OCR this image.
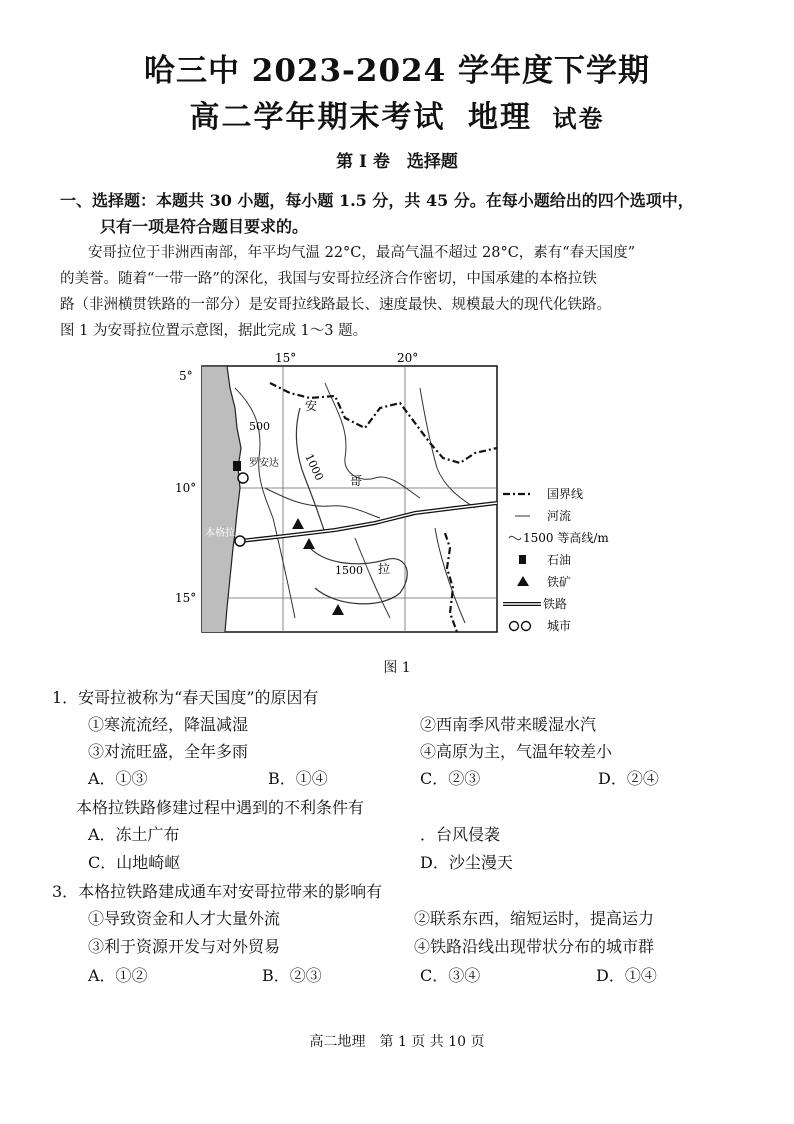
哈三中 2023-2024 学年度下学期
高二学年期末考试 地理 试卷
第 I 卷　选择题
一、选择题：本题共 30 小题，每小题 1.5 分，共 45 分。在每小题给出的四个选项中，
只有一项是符合题目要求的。
安哥拉位于非洲西南部，年平均气温 22°C，最高气温不超过 28°C，素有“春天国度”
的美誉。随着“一带一路”的深化，我国与安哥拉经济合作密切，中国承建的本格拉铁
路（非洲横贯铁路的一部分）是安哥拉线路最长、速度最快、规模最大的现代化铁路。
图 1 为安哥拉位置示意图，据此完成 1～3 题。
15°	20°
5°
10°
15°
500
1000
1500
罗安达
本格拉
安
哥
拉
国界线
河流
1500 等高线/m
石油
铁矿
铁路
城市
图 1
1．安哥拉被称为“春天国度”的原因有
①寒流流经，降温减湿	②西南季风带来暖湿水汽
③对流旺盛，全年多雨	④高原为主，气温年较差小
A．①③	B．①④	C．②③	D．②④
本格拉铁路修建过程中遇到的不利条件有
A．冻土广布	．台风侵袭
C．山地崎岖	D．沙尘漫天
3．本格拉铁路建成通车对安哥拉带来的影响有
①导致资金和人才大量外流	②联系东西，缩短运时，提高运力
③利于资源开发与对外贸易	④铁路沿线出现带状分布的城市群
A．①②	B．②③	C．③④	D．①④
高二地理　第 1 页 共 10 页
